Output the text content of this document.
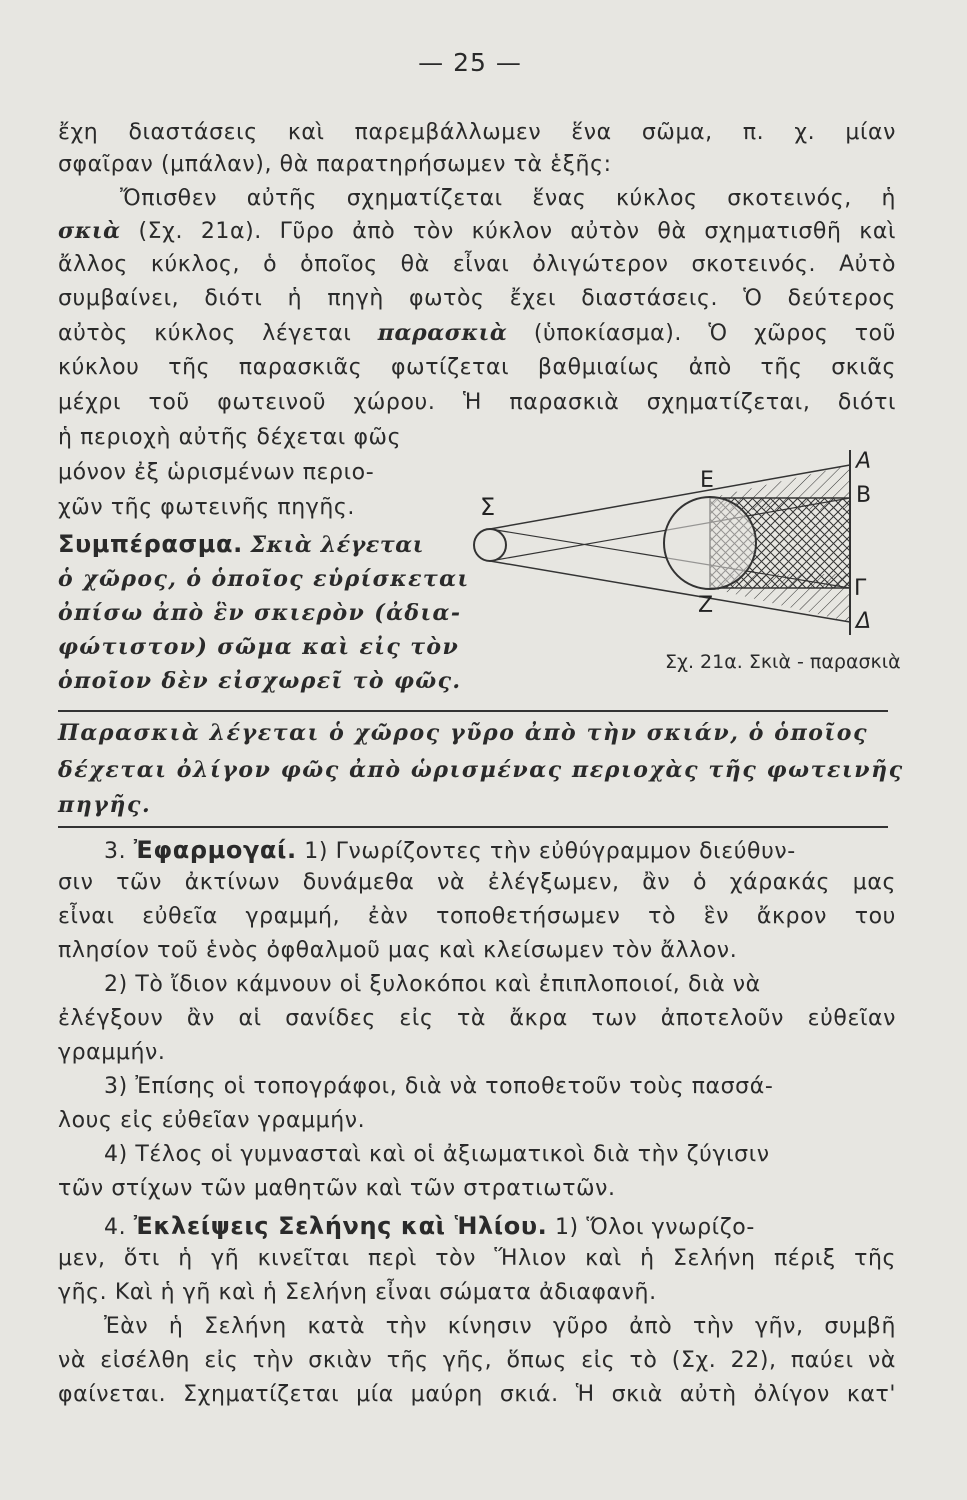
— 25 —
ἔχη διαστάσεις καὶ παρεμβάλλωμεν ἕνα σῶμα, π. χ. μίαν
σφαῖραν (μπάλαν), θὰ παρατηρήσωμεν τὰ ἑξῆς:
Ὄπισθεν αὐτῆς σχηματίζεται ἕνας κύκλος σκοτεινός, ἡ
σκιὰ (Σχ. 21α). Γῦρο ἀπὸ τὸν κύκλον αὐτὸν θὰ σχηματισθῆ καὶ
ἄλλος κύκλος, ὁ ὁποῖος θὰ εἶναι ὀλιγώτερον σκοτεινός. Αὐτὸ
συμβαίνει, διότι ἡ πηγὴ φωτὸς ἔχει διαστάσεις. Ὁ δεύτερος
αὐτὸς κύκλος λέγεται παρασκιὰ (ὑποκίασμα). Ὁ χῶρος τοῦ
κύκλου τῆς παρασκιᾶς φωτίζεται βαθμιαίως ἀπὸ τῆς σκιᾶς
μέχρι τοῦ φωτεινοῦ χώρου. Ἡ παρασκιὰ σχηματίζεται, διότι
ἡ περιοχὴ αὐτῆς δέχεται φῶς
μόνον ἐξ ὡρισμένων περιο-
χῶν τῆς φωτεινῆς πηγῆς.
Συμπέρασμα. Σκιὰ λέγεται
ὁ χῶρος, ὁ ὁποῖος εὑρίσκεται
ὀπίσω ἀπὸ ἓν σκιερὸν (ἀδια-
φώτιστον) σῶμα καὶ εἰς τὸν
ὁποῖον δὲν εἰσχωρεῖ τὸ φῶς.
Σ
Ε
Ζ
Α
Β
Γ
Δ
Σχ. 21α. Σκιὰ - παρασκιὰ
Παρασκιὰ λέγεται ὁ χῶρος γῦρο ἀπὸ τὴν σκιάν, ὁ ὁποῖος
δέχεται ὀλίγον φῶς ἀπὸ ὡρισμένας περιοχὰς τῆς φωτεινῆς
πηγῆς.
3. Ἐφαρμογαί. 1) Γνωρίζοντες τὴν εὐθύγραμμον διεύθυν-
σιν τῶν ἀκτίνων δυνάμεθα νὰ ἐλέγξωμεν, ἂν ὁ χάρακάς μας
εἶναι εὐθεῖα γραμμή, ἐὰν τοποθετήσωμεν τὸ ἓν ἄκρον του
πλησίον τοῦ ἑνὸς ὀφθαλμοῦ μας καὶ κλείσωμεν τὸν ἄλλον.
2) Τὸ ἴδιον κάμνουν οἱ ξυλοκόποι καὶ ἐπιπλοποιοί, διὰ νὰ
ἐλέγξουν ἂν αἱ σανίδες εἰς τὰ ἄκρα των ἀποτελοῦν εὐθεῖαν
γραμμήν.
3) Ἐπίσης οἱ τοπογράφοι, διὰ νὰ τοποθετοῦν τοὺς πασσά-
λους εἰς εὐθεῖαν γραμμήν.
4) Τέλος οἱ γυμνασταὶ καὶ οἱ ἀξιωματικοὶ διὰ τὴν ζύγισιν
τῶν στίχων τῶν μαθητῶν καὶ τῶν στρατιωτῶν.
4. Ἐκλείψεις Σελήνης καὶ Ἡλίου. 1) Ὅλοι γνωρίζο-
μεν, ὅτι ἡ γῆ κινεῖται περὶ τὸν Ἥλιον καὶ ἡ Σελήνη πέριξ τῆς
γῆς. Καὶ ἡ γῆ καὶ ἡ Σελήνη εἶναι σώματα ἀδιαφανῆ.
Ἐὰν ἡ Σελήνη κατὰ τὴν κίνησιν γῦρο ἀπὸ τὴν γῆν, συμβῆ
νὰ εἰσέλθη εἰς τὴν σκιὰν τῆς γῆς, ὅπως εἰς τὸ (Σχ. 22), παύει νὰ
φαίνεται. Σχηματίζεται μία μαύρη σκιά. Ἡ σκιὰ αὐτὴ ὀλίγον κατ'
